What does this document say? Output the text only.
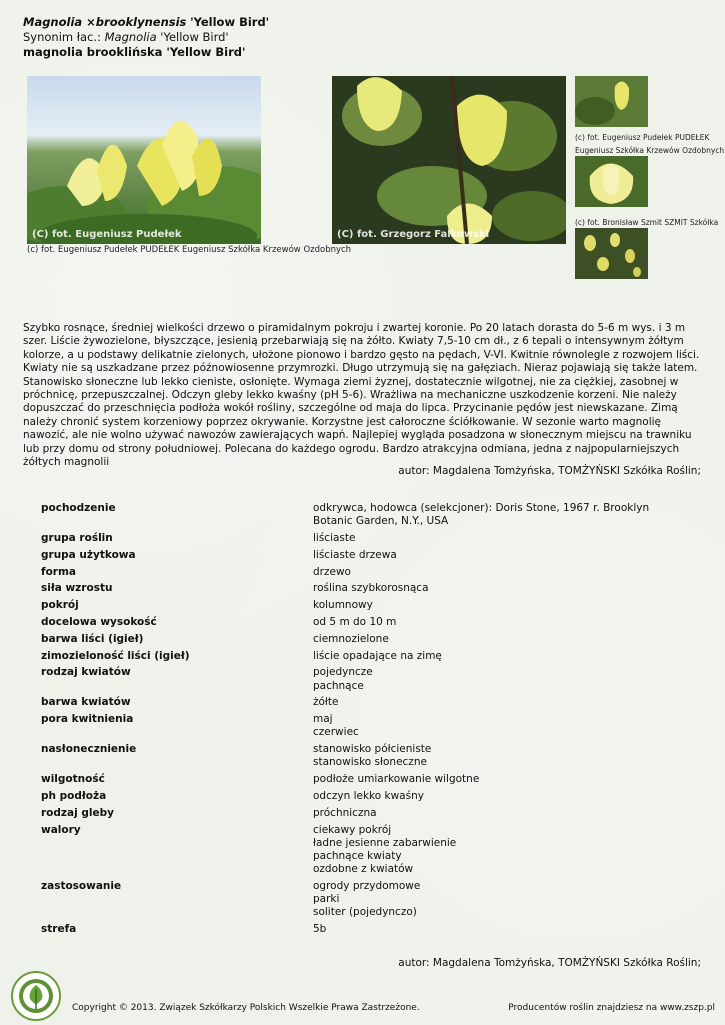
Magnolia ×brooklynensis 'Yellow Bird'
Synonim łac.: Magnolia 'Yellow Bird'
magnolia brooklińska 'Yellow Bird'
(C) fot. Eugeniusz Pudełek
(c) fot. Eugeniusz Pudełek PUDEŁEK Eugeniusz Szkółka Krzewów Ozdobnych
(C) fot. Grzegorz Falkowski
(c) fot. Eugeniusz Pudełek PUDEŁEK
Eugeniusz Szkółka Krzewów Ozdobnych
(c) fot. Bronisław Szmit SZMIT Szkółka
Szybko rosnące, średniej wielkości drzewo o piramidalnym pokroju i zwartej koronie. Po 20 latach dorasta do 5-6 m wys. i 3 m szer. Liście żywozielone, błyszczące, jesienią przebarwiają się na żółto. Kwiaty 7,5-10 cm dł., z 6 tepali o intensywnym żółtym kolorze, a u podstawy delikatnie zielonych, ułożone pionowo i bardzo gęsto na pędach, V-VI. Kwitnie równolegle z rozwojem liści. Kwiaty nie są uszkadzane przez późnowiosenne przymrozki. Długo utrzymują się na gałęziach. Nieraz pojawiają się także latem. Stanowisko słoneczne lub lekko cieniste, osłonięte. Wymaga ziemi żyznej, dostatecznie wilgotnej, nie za ciężkiej, zasobnej w próchnicę, przepuszczalnej. Odczyn gleby lekko kwaśny (pH 5-6). Wrażliwa na mechaniczne uszkodzenie korzeni. Nie należy dopuszczać do przeschnięcia podłoża wokół rośliny, szczególne od maja do lipca. Przycinanie pędów jest niewskazane. Zimą należy chronić system korzeniowy poprzez okrywanie. Korzystne jest całoroczne ściółkowanie. W sezonie warto magnolię nawozić, ale nie wolno używać nawozów zawierających wapń. Najlepiej wygląda posadzona w słonecznym miejscu na trawniku lub przy domu od strony południowej. Polecana do każdego ogrodu. Bardzo atrakcyjna odmiana, jedna z najpopularniejszych żółtych magnolii
autor: Magdalena Tomżyńska, TOMŻYŃSKI Szkółka Roślin;
pochodzenie	odkrywca, hodowca (selekcjoner): Doris Stone, 1967 r. Brooklyn Botanic Garden, N.Y., USA
grupa roślin	liściaste
grupa użytkowa	liściaste drzewa
forma	drzewo
siła wzrostu	roślina szybkorosnąca
pokrój	kolumnowy
docelowa wysokość	od 5 m do 10 m
barwa liści (igieł)	ciemnozielone
zimozieloność liści (igieł)	liście opadające na zimę
rodzaj kwiatów	pojedyncze
pachnące
barwa kwiatów	żółte
pora kwitnienia	maj
czerwiec
nasłonecznienie	stanowisko półcieniste
stanowisko słoneczne
wilgotność	podłoże umiarkowanie wilgotne
ph podłoża	odczyn lekko kwaśny
rodzaj gleby	próchniczna
walory	ciekawy pokrój
ładne jesienne zabarwienie
pachnące kwiaty
ozdobne z kwiatów
zastosowanie	ogrody przydomowe
parki
soliter (pojedynczo)
strefa	5b
autor: Magdalena Tomżyńska, TOMŻYŃSKI Szkółka Roślin;
Copyright © 2013. Związek Szkółkarzy Polskich Wszelkie Prawa Zastrzeżone.	Producentów roślin znajdziesz na www.zszp.pl
